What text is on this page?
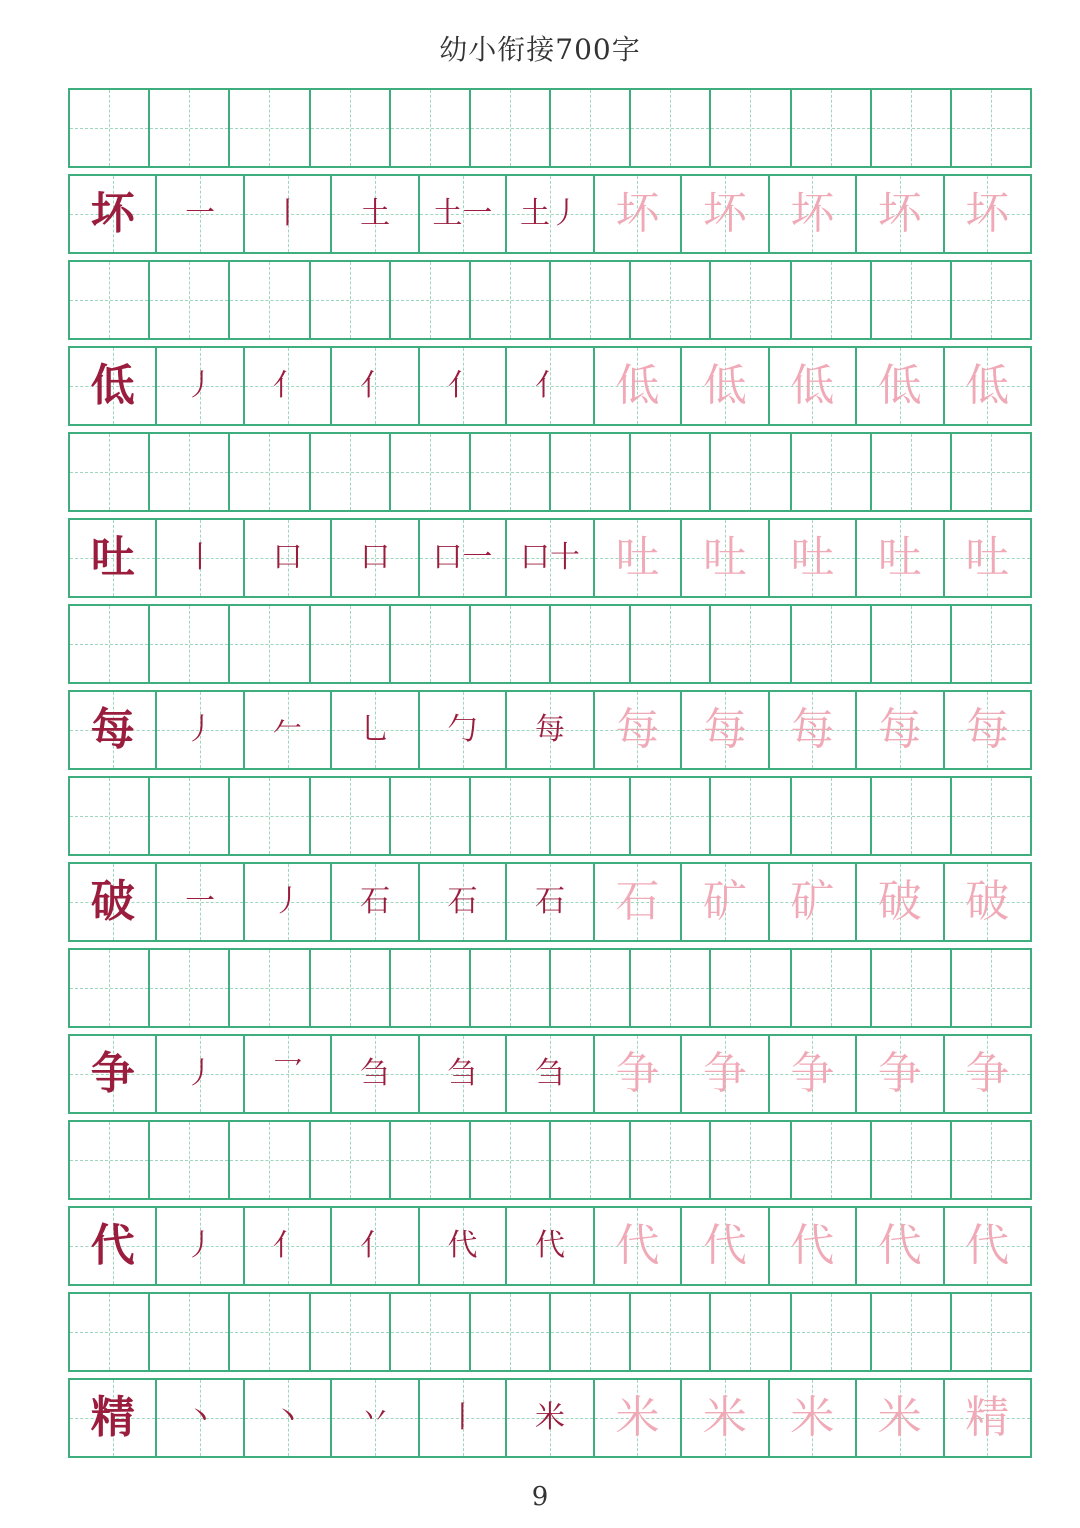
幼小衔接700字
坏 一 丨 土 土一 土丿 坏 坏 坏 坏 坏
低 丿 亻 亻 亻 亻 低 低 低 低 低
吐 丨 口 口 口一 口十 吐 吐 吐 吐 吐
每 丿 𠂉 乚 勹 每 每 每 每 每 每
破 一 丿 石 石 石 石 矿 矿 破 破
争 丿 乛 刍 刍 刍 争 争 争 争 争
代 丿 亻 亻 代 代 代 代 代 代 代
精 丶 丶 丷 丨 米 米 米 米 米 精
9
